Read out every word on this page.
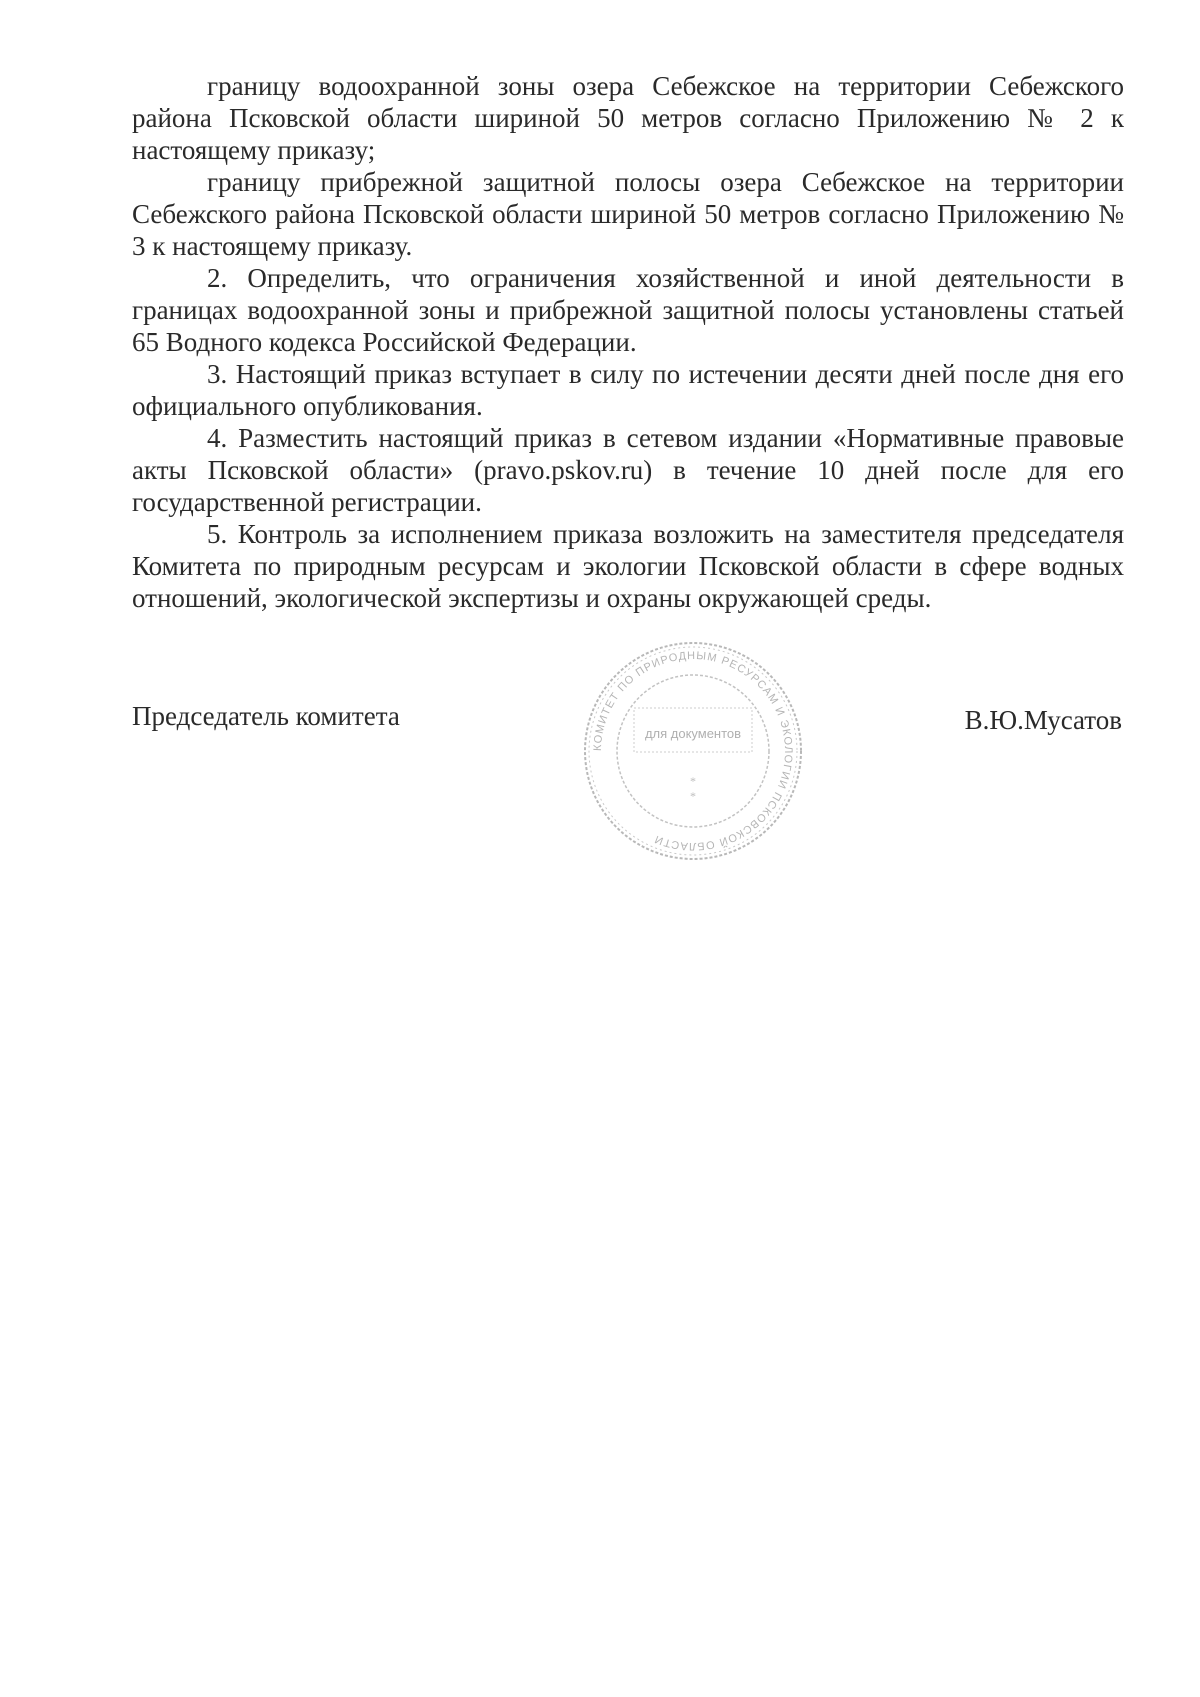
границу водоохранной зоны озера Себежское на территории Себежского района Псковской области шириной 50 метров согласно Приложению № 2 к настоящему приказу;

границу прибрежной защитной полосы озера Себежское на территории Себежского района Псковской области шириной 50 метров согласно Приложению № 3 к настоящему приказу.

2. Определить, что ограничения хозяйственной и иной деятельности в границах водоохранной зоны и прибрежной защитной полосы установлены статьей 65 Водного кодекса Российской Федерации.

3. Настоящий приказ вступает в силу по истечении десяти дней после дня его официального опубликования.

4. Разместить настоящий приказ в сетевом издании «Нормативные правовые акты Псковской области» (pravo.pskov.ru) в течение 10 дней после для его государственной регистрации.

5. Контроль за исполнением приказа возложить на заместителя председателя Комитета по природным ресурсам и экологии Псковской области в сфере водных отношений, экологической экспертизы и охраны окружающей среды.

Председатель комитета	В.Ю.Мусатов
КОМИТЕТ ПО ПРИРОДНЫМ РЕСУРСАМ И ЭКОЛОГИИ ПСКОВСКОЙ ОБЛАСТИ
для документов
*
*
